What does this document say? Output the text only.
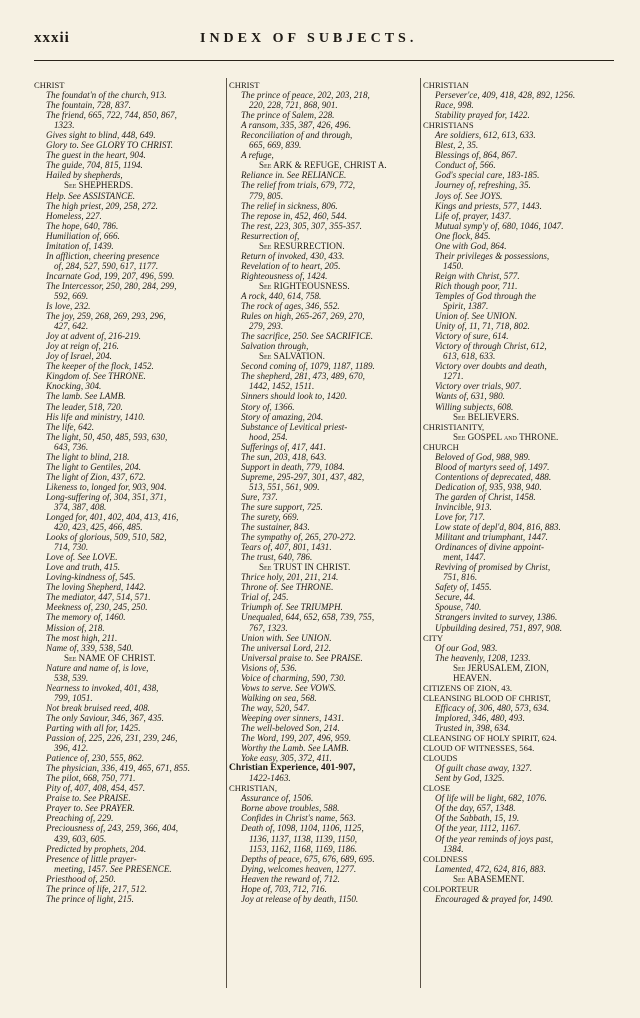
xxxii	INDEX OF SUBJECTS.
CHRIST
The foundat'n of the church, 913.
The fountain, 728, 837.
The friend, 665, 722, 744, 850, 867,
1323.
Gives sight to blind, 448, 649.
Glory to. See GLORY TO CHRIST.
The guest in the heart, 904.
The guide, 704, 815, 1194.
Hailed by shepherds,
See SHEPHERDS.
Help. See ASSISTANCE.
The high priest, 209, 258, 272.
Homeless, 227.
The hope, 640, 786.
Humiliation of, 666.
Imitation of, 1439.
In affliction, cheering presence
of, 284, 527, 590, 617, 1177.
Incarnate God, 199, 207, 496, 599.
The Intercessor, 250, 280, 284, 299,
592, 669.
Is love, 232.
The joy, 259, 268, 269, 293, 296,
427, 642.
Joy at advent of, 216-219.
Joy at reign of, 216.
Joy of Israel, 204.
The keeper of the flock, 1452.
Kingdom of. See THRONE.
Knocking, 304.
The lamb. See LAMB.
The leader, 518, 720.
His life and ministry, 1410.
The life, 642.
The light, 50, 450, 485, 593, 630,
643, 736.
The light to blind, 218.
The light to Gentiles, 204.
The light of Zion, 437, 672.
Likeness to, longed for, 903, 904.
Long-suffering of, 304, 351, 371,
374, 387, 408.
Longed for, 401, 402, 404, 413, 416,
420, 423, 425, 466, 485.
Looks of glorious, 509, 510, 582,
714, 730.
Love of. See LOVE.
Love and truth, 415.
Loving-kindness of, 545.
The loving Shepherd, 1442.
The mediator, 447, 514, 571.
Meekness of, 230, 245, 250.
The memory of, 1460.
Mission of, 218.
The most high, 211.
Name of, 339, 538, 540.
See NAME OF CHRIST.
Nature and name of, is love,
538, 539.
Nearness to invoked, 401, 438,
799, 1051.
Not break bruised reed, 408.
The only Saviour, 346, 367, 435.
Parting with all for, 1425.
Passion of, 225, 226, 231, 239, 246,
396, 412.
Patience of, 230, 555, 862.
The physician, 336, 419, 465, 671, 855.
The pilot, 668, 750, 771.
Pity of, 407, 408, 454, 457.
Praise to. See PRAISE.
Prayer to. See PRAYER.
Preaching of, 229.
Preciousness of, 243, 259, 366, 404,
439, 603, 605.
Predicted by prophets, 204.
Presence of little prayer-
meeting, 1457. See PRESENCE.
Priesthood of, 250.
The prince of life, 217, 512.
The prince of light, 215.
CHRIST
The prince of peace, 202, 203, 218,
220, 228, 721, 868, 901.
The prince of Salem, 228.
A ransom, 335, 387, 426, 496.
Reconciliation of and through,
665, 669, 839.
A refuge,
See ARK & REFUGE, CHRIST A.
Reliance in. See RELIANCE.
The relief from trials, 679, 772,
779, 805.
The relief in sickness, 806.
The repose in, 452, 460, 544.
The rest, 223, 305, 307, 355-357.
Resurrection of,
See RESURRECTION.
Return of invoked, 430, 433.
Revelation of to heart, 205.
Righteousness of, 1424.
See RIGHTEOUSNESS.
A rock, 440, 614, 758.
The rock of ages, 346, 552.
Rules on high, 265-267, 269, 270,
279, 293.
The sacrifice, 250. See SACRIFICE.
Salvation through,
See SALVATION.
Second coming of, 1079, 1187, 1189.
The shepherd, 281, 473, 489, 670,
1442, 1452, 1511.
Sinners should look to, 1420.
Story of, 1366.
Story of amazing, 204.
Substance of Levitical priest-
hood, 254.
Sufferings of, 417, 441.
The sun, 203, 418, 643.
Support in death, 779, 1084.
Supreme, 295-297, 301, 437, 482,
513, 551, 561, 909.
Sure, 737.
The sure support, 725.
The surety, 669.
The sustainer, 843.
The sympathy of, 265, 270-272.
Tears of, 407, 801, 1431.
The trust, 640, 786.
See TRUST IN CHRIST.
Thrice holy, 201, 211, 214.
Throne of. See THRONE.
Trial of, 245.
Triumph of. See TRIUMPH.
Unequaled, 644, 652, 658, 739, 755,
767, 1323.
Union with. See UNION.
The universal Lord, 212.
Universal praise to. See PRAISE.
Visions of, 536.
Voice of charming, 590, 730.
Vows to serve. See VOWS.
Walking on sea, 568.
The way, 520, 547.
Weeping over sinners, 1431.
The well-beloved Son, 214.
The Word, 199, 207, 496, 959.
Worthy the Lamb. See LAMB.
Yoke easy, 305, 372, 411.
Christian Experience, 401-907,
1422-1463.
CHRISTIAN,
Assurance of, 1506.
Borne above troubles, 588.
Confides in Christ's name, 563.
Death of, 1098, 1104, 1106, 1125,
1136, 1137, 1138, 1139, 1150,
1153, 1162, 1168, 1169, 1186.
Depths of peace, 675, 676, 689, 695.
Dying, welcomes heaven, 1277.
Heaven the reward of, 712.
Hope of, 703, 712, 716.
Joy at release of by death, 1150.
CHRISTIAN
Persever'ce, 409, 418, 428, 892, 1256.
Race, 998.
Stability prayed for, 1422.
CHRISTIANS
Are soldiers, 612, 613, 633.
Blest, 2, 35.
Blessings of, 864, 867.
Conduct of, 566.
God's special care, 183-185.
Journey of, refreshing, 35.
Joys of. See JOYS.
Kings and priests, 577, 1443.
Life of, prayer, 1437.
Mutual symp'y of, 680, 1046, 1047.
One flock, 845.
One with God, 864.
Their privileges & possessions,
1450.
Reign with Christ, 577.
Rich though poor, 711.
Temples of God through the
Spirit, 1387.
Union of. See UNION.
Unity of, 11, 71, 718, 802.
Victory of sure, 614.
Victory of through Christ, 612,
613, 618, 633.
Victory over doubts and death,
1271.
Victory over trials, 907.
Wants of, 631, 980.
Willing subjects, 608.
See BELIEVERS.
CHRISTIANITY,
See GOSPEL and THRONE.
CHURCH
Beloved of God, 988, 989.
Blood of martyrs seed of, 1497.
Contentions of deprecated, 488.
Dedication of, 935, 938, 940.
The garden of Christ, 1458.
Invincible, 913.
Love for, 717.
Low state of depl'd, 804, 816, 883.
Militant and triumphant, 1447.
Ordinances of divine appoint-
ment, 1447.
Reviving of promised by Christ,
751, 816.
Safety of, 1455.
Secure, 44.
Spouse, 740.
Strangers invited to survey, 1386.
Upbuilding desired, 751, 897, 908.
CITY
Of our God, 983.
The heavenly, 1208, 1233.
See JERUSALEM, ZION,
HEAVEN.
CITIZENS OF ZION, 43.
CLEANSING BLOOD OF CHRIST,
Efficacy of, 306, 480, 573, 634.
Implored, 346, 480, 493.
Trusted in, 398, 634.
CLEANSING OF HOLY SPIRIT, 624.
CLOUD OF WITNESSES, 564.
CLOUDS
Of guilt chase away, 1327.
Sent by God, 1325.
CLOSE
Of life will be light, 682, 1076.
Of the day, 657, 1348.
Of the Sabbath, 15, 19.
Of the year, 1112, 1167.
Of the year reminds of joys past,
1384.
COLDNESS
Lamented, 472, 624, 816, 883.
See ABASEMENT.
COLPORTEUR
Encouraged & prayed for, 1490.
